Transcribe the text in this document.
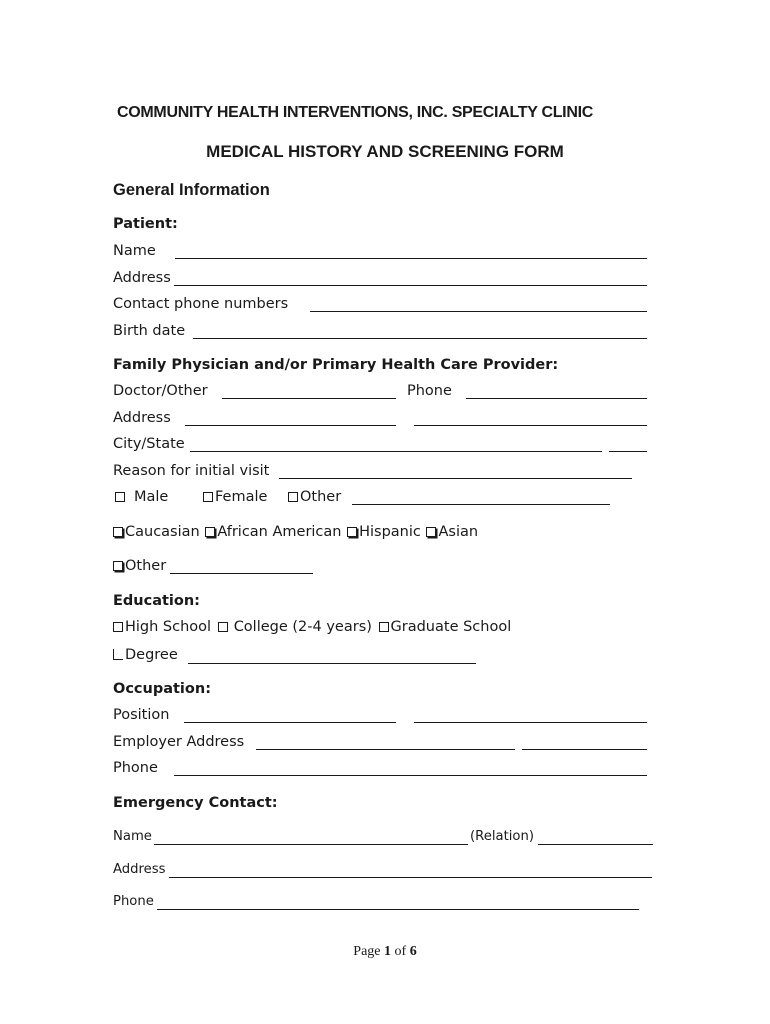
COMMUNITY HEALTH INTERVENTIONS, INC. SPECIALTY CLINIC
MEDICAL HISTORY AND SCREENING FORM
General Information
Patient:
Name
Address
Contact phone numbers
Birth date
Family Physician and/or Primary Health Care Provider:
Doctor/Other	Phone
Address
City/State
Reason for initial visit
Male	Female	Other
Caucasian African American Hispanic Asian
Other
Education:
High School College (2-4 years) Graduate School
Degree
Occupation:
Position
Employer Address
Phone
Emergency Contact:
Name	(Relation)
Address
Phone
Page 1 of 6
